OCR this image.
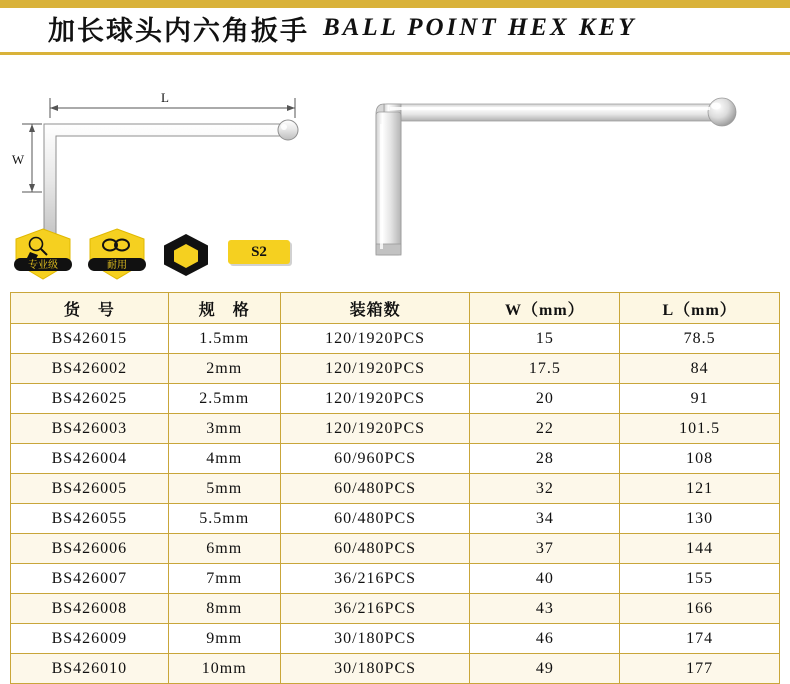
加长球头内六角扳手 BALL POINT HEX KEY
L
W
专业级	耐用
S2
货　号	规　格	装箱数	W（mm）	L（mm）
BS426015	1.5mm	120/1920PCS	15	78.5
BS426002	2mm	120/1920PCS	17.5	84
BS426025	2.5mm	120/1920PCS	20	91
BS426003	3mm	120/1920PCS	22	101.5
BS426004	4mm	60/960PCS	28	108
BS426005	5mm	60/480PCS	32	121
BS426055	5.5mm	60/480PCS	34	130
BS426006	6mm	60/480PCS	37	144
BS426007	7mm	36/216PCS	40	155
BS426008	8mm	36/216PCS	43	166
BS426009	9mm	30/180PCS	46	174
BS426010	10mm	30/180PCS	49	177
